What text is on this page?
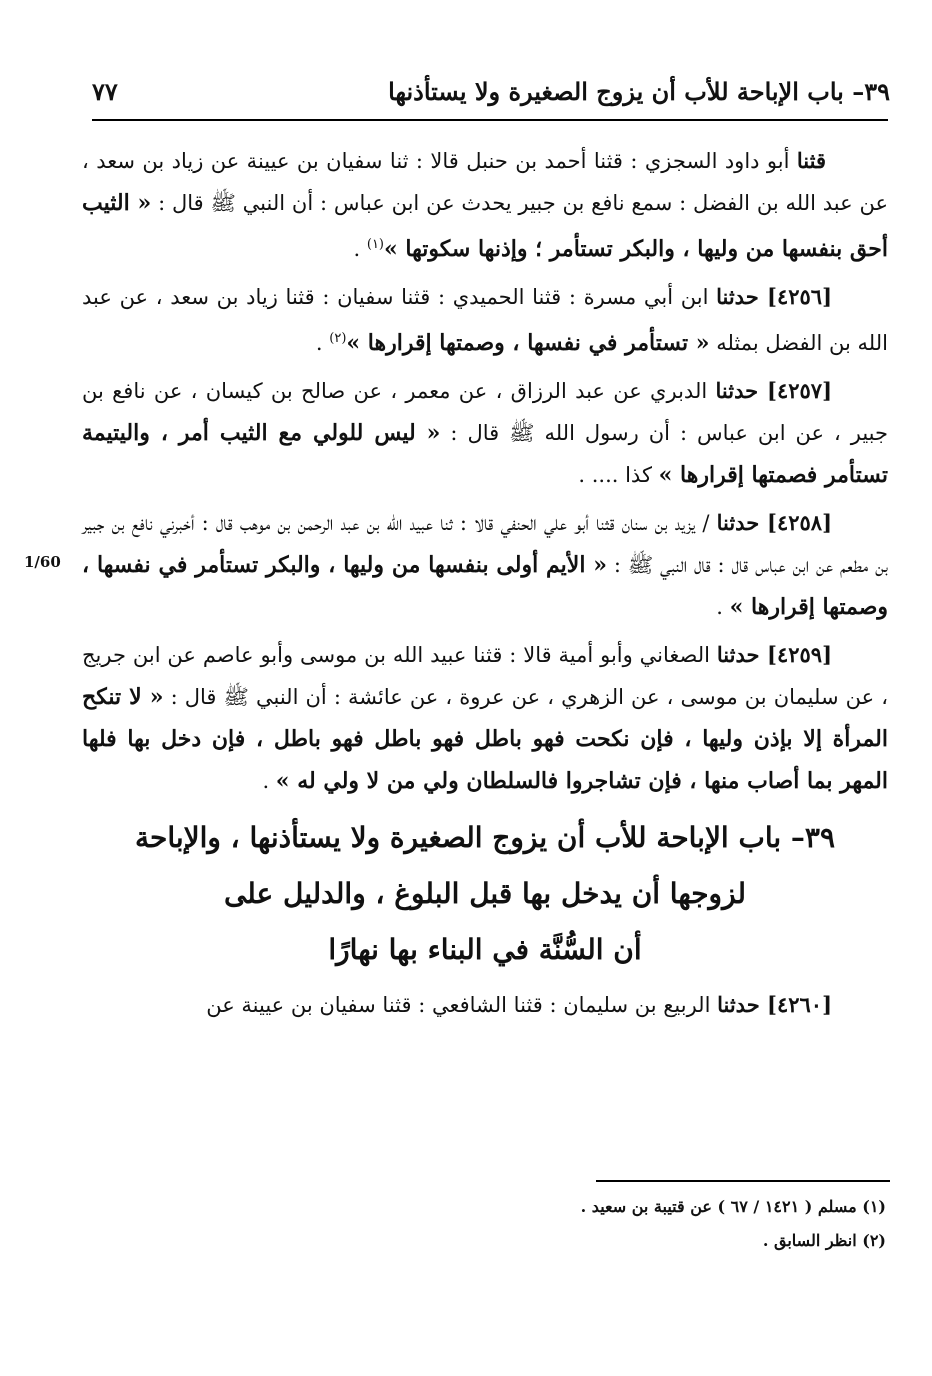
٣٩– باب الإباحة للأب أن يزوج الصغيرة ولا يستأذنها
٧٧
1/60

قثنا أبو داود السجزي : قثنا أحمد بن حنبل قالا : ثنا سفيان بن عيينة عن زياد بن سعد ، عن عبد الله بن الفضل : سمع نافع بن جبير يحدث عن ابن عباس : أن النبي ﷺ قال : « الثيب أحق بنفسها من وليها ، والبكر تستأمر ؛ وإذنها سكوتها »$^{(١)}$ .

[٤٢٥٦] حدثنا ابن أبي مسرة : قثنا الحميدي : قثنا سفيان : قثنا زياد بن سعد ، عن عبد الله بن الفضل بمثله « تستأمر في نفسها ، وصمتها إقرارها »$^{(٢)}$ .

[٤٢٥٧] حدثنا الدبري عن عبد الرزاق ، عن معمر ، عن صالح بن كيسان ، عن نافع بن جبير ، عن ابن عباس : أن رسول الله ﷺ قال : « ليس للولي مع الثيب أمر ، واليتيمة تستأمر فصمتها إقرارها » كذا .... .

[٤٢٥٨] حدثنا / يزيد بن سنان قثنا أبو علي الحنفي قالا : ثنا عبيد الله بن عبد الرحمن بن موهب قال : أخبرني نافع بن جبير بن مطعم عن ابن عباس قال : قال النبي ﷺ : « الأيم أولى بنفسها من وليها ، والبكر تستأمر في نفسها ، وصمتها إقرارها » .

[٤٢٥٩] حدثنا الصغاني وأبو أمية قالا : قثنا عبيد الله بن موسى وأبو عاصم عن ابن جريج ، عن سليمان بن موسى ، عن الزهري ، عن عروة ، عن عائشة : أن النبي ﷺ قال : « لا تنكح المرأة إلا بإذن وليها ، فإن نكحت فهو باطل فهو باطل فهو باطل ، فإن دخل بها فلها المهر بما أصاب منها ، فإن تشاجروا فالسلطان ولي من لا ولي له » .

٣٩– باب الإباحة للأب أن يزوج الصغيرة ولا يستأذنها ، والإباحة
لزوجها أن يدخل بها قبل البلوغ ، والدليل على
أن السُّنَّة في البناء بها نهارًا

[٤٢٦٠] حدثنا الربيع بن سليمان : قثنا الشافعي : قثنا سفيان بن عيينة عن

(١) مسلم ( ١٤٢١ / ٦٧ ) عن قتيبة بن سعيد .
(٢) انظر السابق .
